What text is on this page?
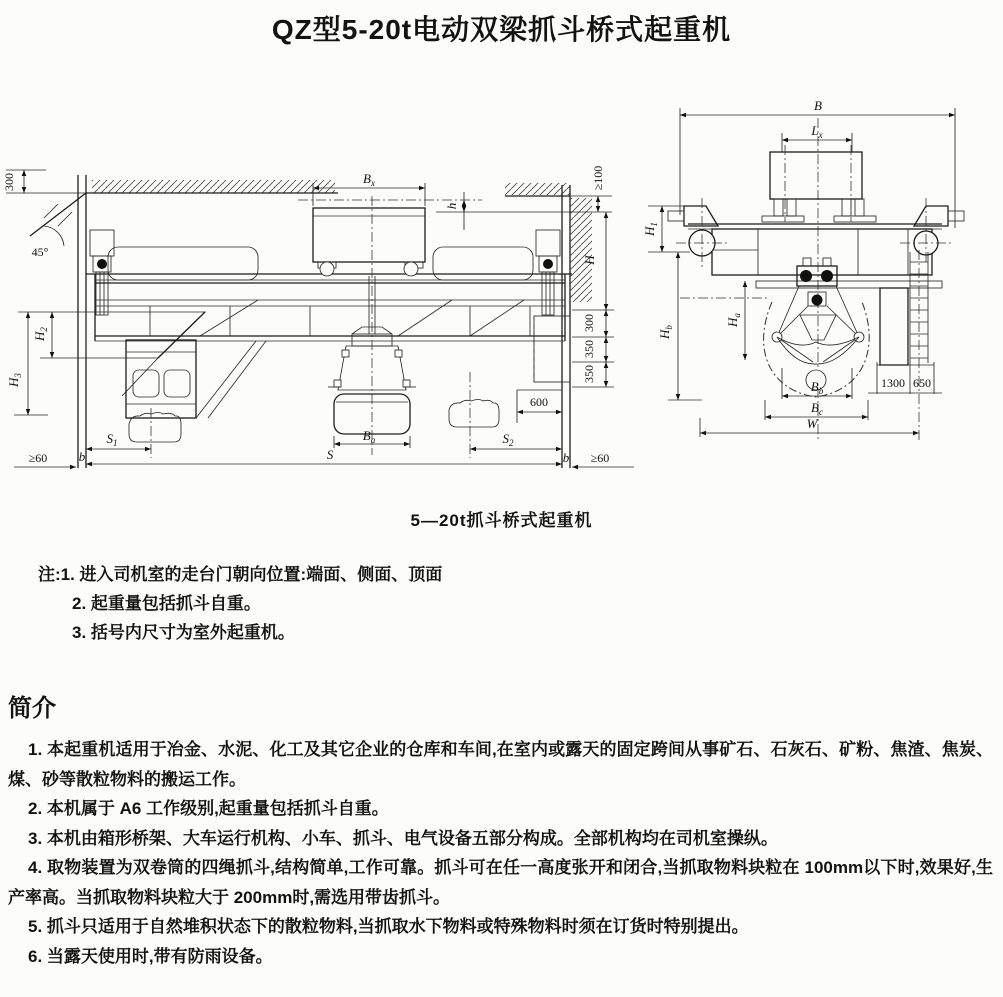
QZ型5-20t电动双梁抓斗桥式起重机
300
45°
$B_x$
h
≥100
H
300
350
350
$H_2$
$H_3$
$B_a$
600
$S_1$	$S_2$
S
b	b
≥60	≥60
B
$L_x$
$H_1$
$H_a$
$H_b$
1300 650
$B_b$
$B_c$
W
5—20t抓斗桥式起重机
注:1. 进入司机室的走台门朝向位置:端面、侧面、顶面
2. 起重量包括抓斗自重。
3. 括号内尺寸为室外起重机。
简介

1. 本起重机适用于冶金、水泥、化工及其它企业的仓库和车间,在室内或露天的固定跨间从事矿石、石灰石、矿粉、焦渣、焦炭、煤、砂等散粒物料的搬运工作。

2. 本机属于 A6 工作级别,起重量包括抓斗自重。

3. 本机由箱形桥架、大车运行机构、小车、抓斗、电气设备五部分构成。全部机构均在司机室操纵。

4. 取物装置为双卷筒的四绳抓斗,结构简单,工作可靠。抓斗可在任一高度张开和闭合,当抓取物料块粒在 100mm以下时,效果好,生产率高。当抓取物料块粒大于 200mm时,需选用带齿抓斗。

5. 抓斗只适用于自然堆积状态下的散粒物料,当抓取水下物料或特殊物料时须在订货时特别提出。

6. 当露天使用时,带有防雨设备。
